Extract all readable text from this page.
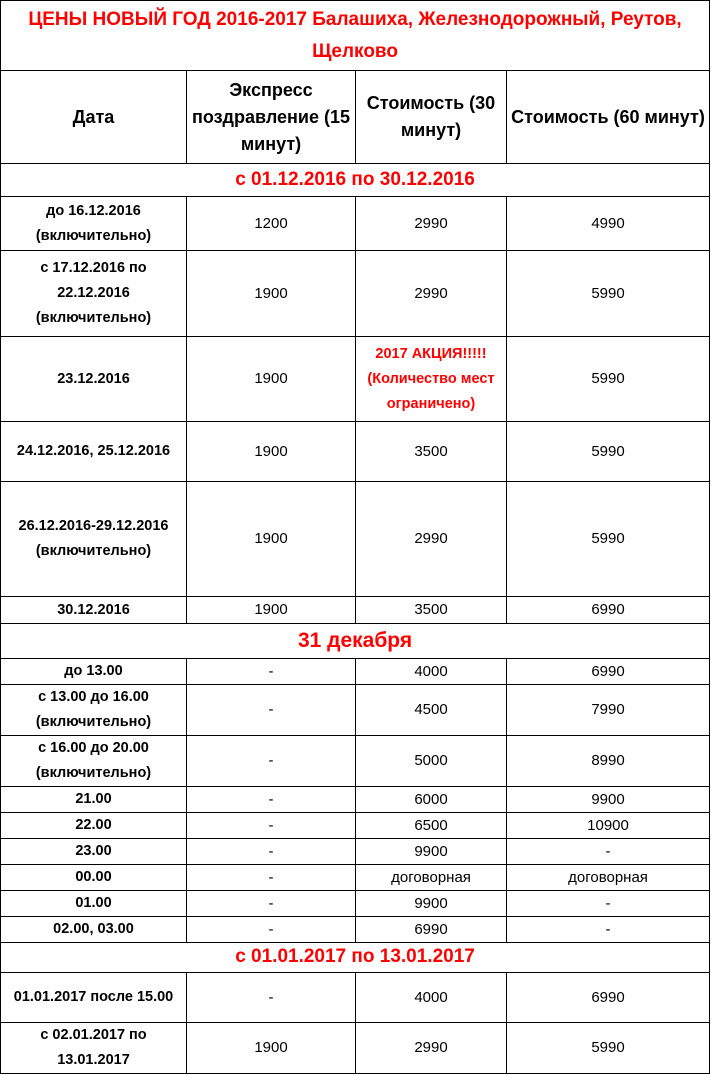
ЦЕНЫ НОВЫЙ ГОД 2016-2017 Балашиха, Железнодорожный, Реутов, Щелково			
Дата	Экспресс поздравление (15 минут)	Стоимость (30 минут)	Стоимость (60 минут)
с 01.12.2016 по 30.12.2016			
до 16.12.2016 (включительно)	1200	2990	4990
с 17.12.2016 по 22.12.2016 (включительно)	1900	2990	5990
23.12.2016	1900	2017 АКЦИЯ!!!!! (Количество мест ограничено)	5990
24.12.2016, 25.12.2016	1900	3500	5990
26.12.2016-29.12.2016 (включительно)	1900	2990	5990
30.12.2016	1900	3500	6990
31 декабря			
до 13.00	-	4000	6990
с 13.00 до 16.00 (включительно)	-	4500	7990
с 16.00 до 20.00 (включительно)	-	5000	8990
21.00	-	6000	9900
22.00	-	6500	10900
23.00	-	9900	-
00.00	-	договорная	договорная
01.00	-	9900	-
02.00, 03.00	-	6990	-
с 01.01.2017 по 13.01.2017			
01.01.2017 после 15.00	-	4000	6990
с 02.01.2017 по 13.01.2017	1900	2990	5990
